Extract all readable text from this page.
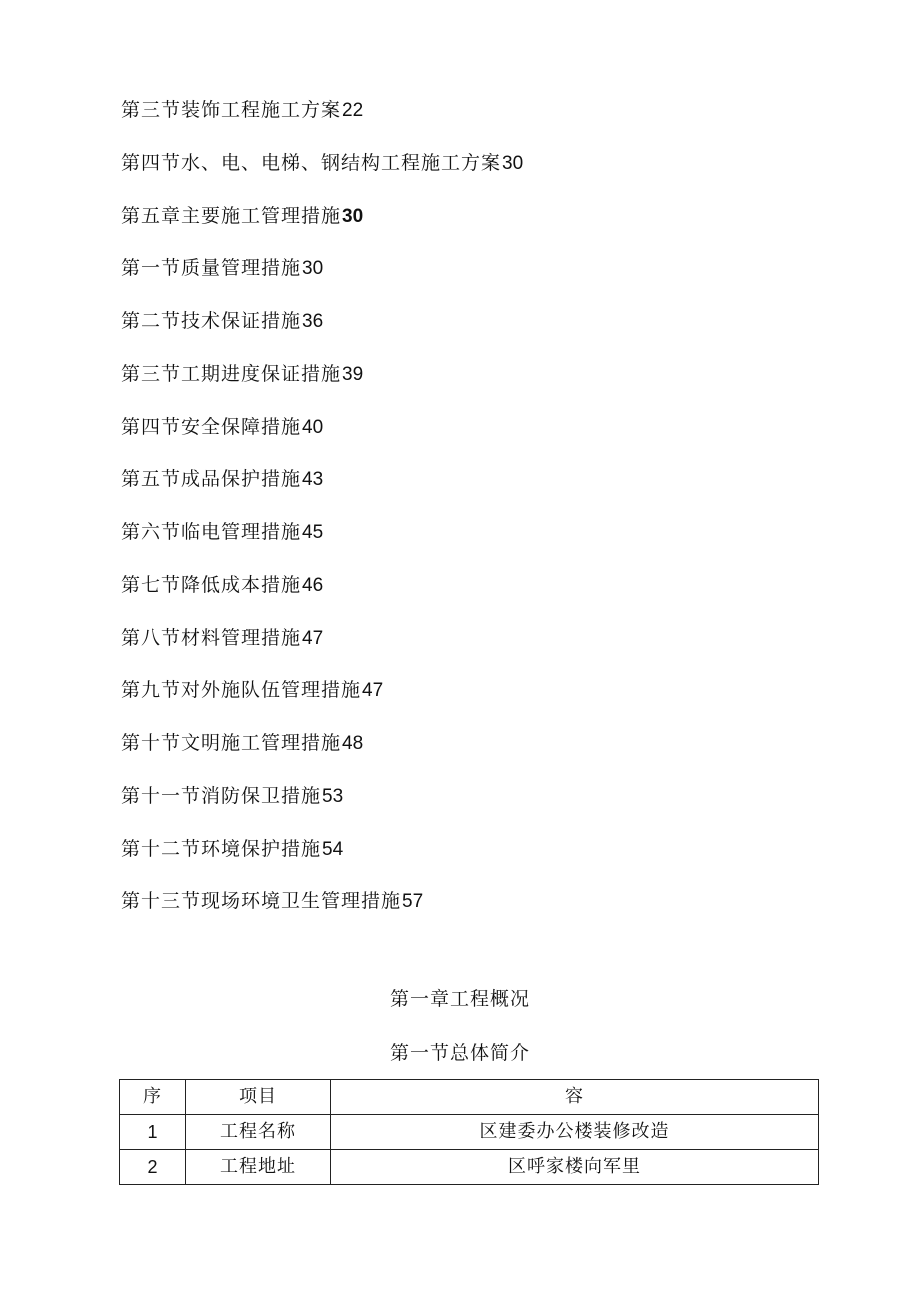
第三节装饰工程施工方案22
第四节水、电、电梯、钢结构工程施工方案30
第五章主要施工管理措施30
第一节质量管理措施30
第二节技术保证措施36
第三节工期进度保证措施39
第四节安全保障措施40
第五节成品保护措施43
第六节临电管理措施45
第七节降低成本措施46
第八节材料管理措施47
第九节对外施队伍管理措施47
第十节文明施工管理措施48
第十一节消防保卫措施53
第十二节环境保护措施54
第十三节现场环境卫生管理措施57
第一章工程概况
第一节总体简介
序	项目	容
1	工程名称	区建委办公楼装修改造
2	工程地址	区呼家楼向军里
